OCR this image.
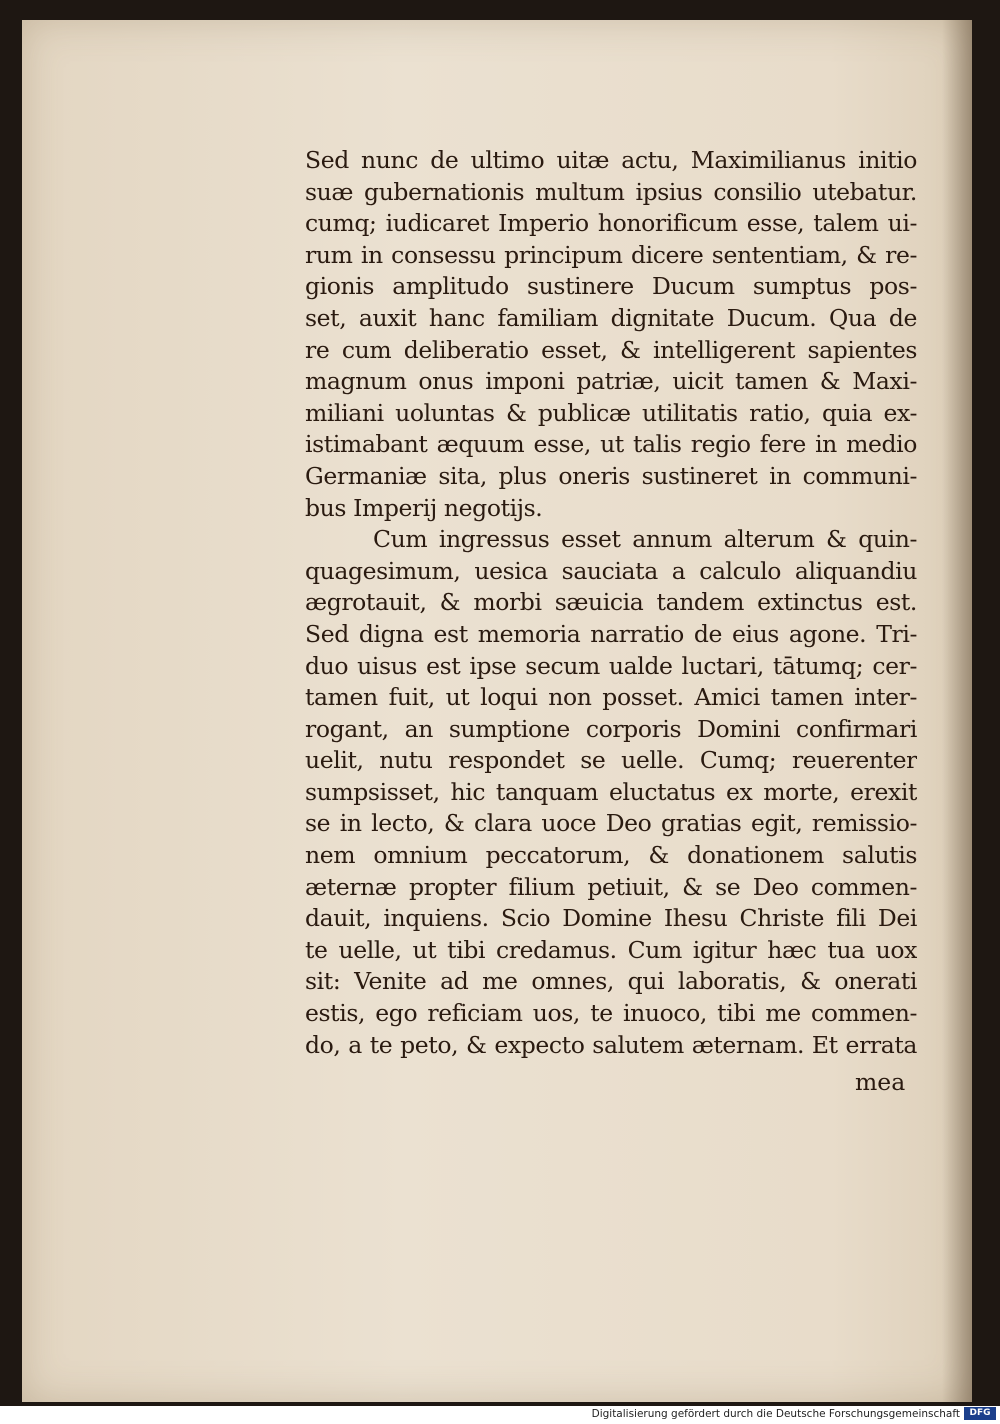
Sed nunc de ultimo uitæ actu, Maximilianus initio
suæ gubernationis multum ipsius consilio utebatur.
cumq; iudicaret Imperio honorificum esse, talem ui-
rum in consessu principum dicere sententiam, & re-
gionis amplitudo sustinere Ducum sumptus pos-
set, auxit hanc familiam dignitate Ducum. Qua de
re cum deliberatio esset, & intelligerent sapientes
magnum onus imponi patriæ, uicit tamen & Maxi-
miliani uoluntas & publicæ utilitatis ratio, quia ex-
istimabant æquum esse, ut talis regio fere in medio
Germaniæ sita, plus oneris sustineret in communi-
bus Imperij negotijs.
Cum ingressus esset annum alterum & quin-
quagesimum, uesica sauciata a calculo aliquandiu
ægrotauit, & morbi sæuicia tandem extinctus est.
Sed digna est memoria narratio de eius agone. Tri-
duo uisus est ipse secum ualde luctari, tātumq; cer-
tamen fuit, ut loqui non posset. Amici tamen inter-
rogant, an sumptione corporis Domini confirmari
uelit, nutu respondet se uelle. Cumq; reuerenter
sumpsisset, hic tanquam eluctatus ex morte, erexit
se in lecto, & clara uoce Deo gratias egit, remissio-
nem omnium peccatorum, & donationem salutis
æternæ propter filium petiuit, & se Deo commen-
dauit, inquiens. Scio Domine Ihesu Christe fili Dei
te uelle, ut tibi credamus. Cum igitur hæc tua uox
sit: Venite ad me omnes, qui laboratis, & onerati
estis, ego reficiam uos, te inuoco, tibi me commen-
do, a te peto, & expecto salutem æternam. Et errata
mea
Digitalisierung gefördert durch die Deutsche Forschungsgemeinschaft	DFG
